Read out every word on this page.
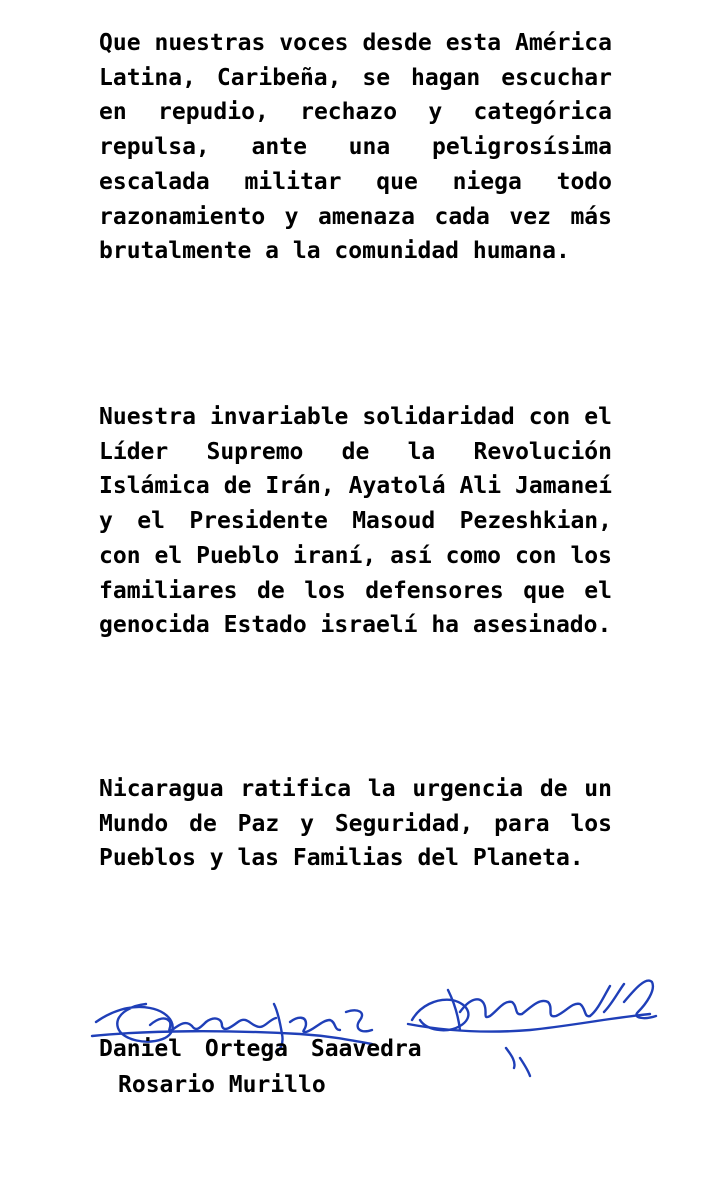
Que nuestras voces desde esta América Latina, Caribeña, se hagan escuchar en repudio, rechazo y categórica repulsa, ante una peligrosísima escalada militar que niega todo razonamiento y amenaza cada vez más brutalmente a la comunidad humana.

Nuestra invariable solidaridad con el Líder Supremo de la Revolución Islámica de Irán, Ayatolá Ali Jamaneí y el Presidente Masoud Pezeshkian, con el Pueblo iraní, así como con los familiares de los defensores que el genocida Estado israelí ha asesinado.

Nicaragua ratifica la urgencia de un Mundo de Paz y Seguridad, para los Pueblos y las Familias del Planeta.

Daniel Ortega Saavedra
Rosario Murillo
